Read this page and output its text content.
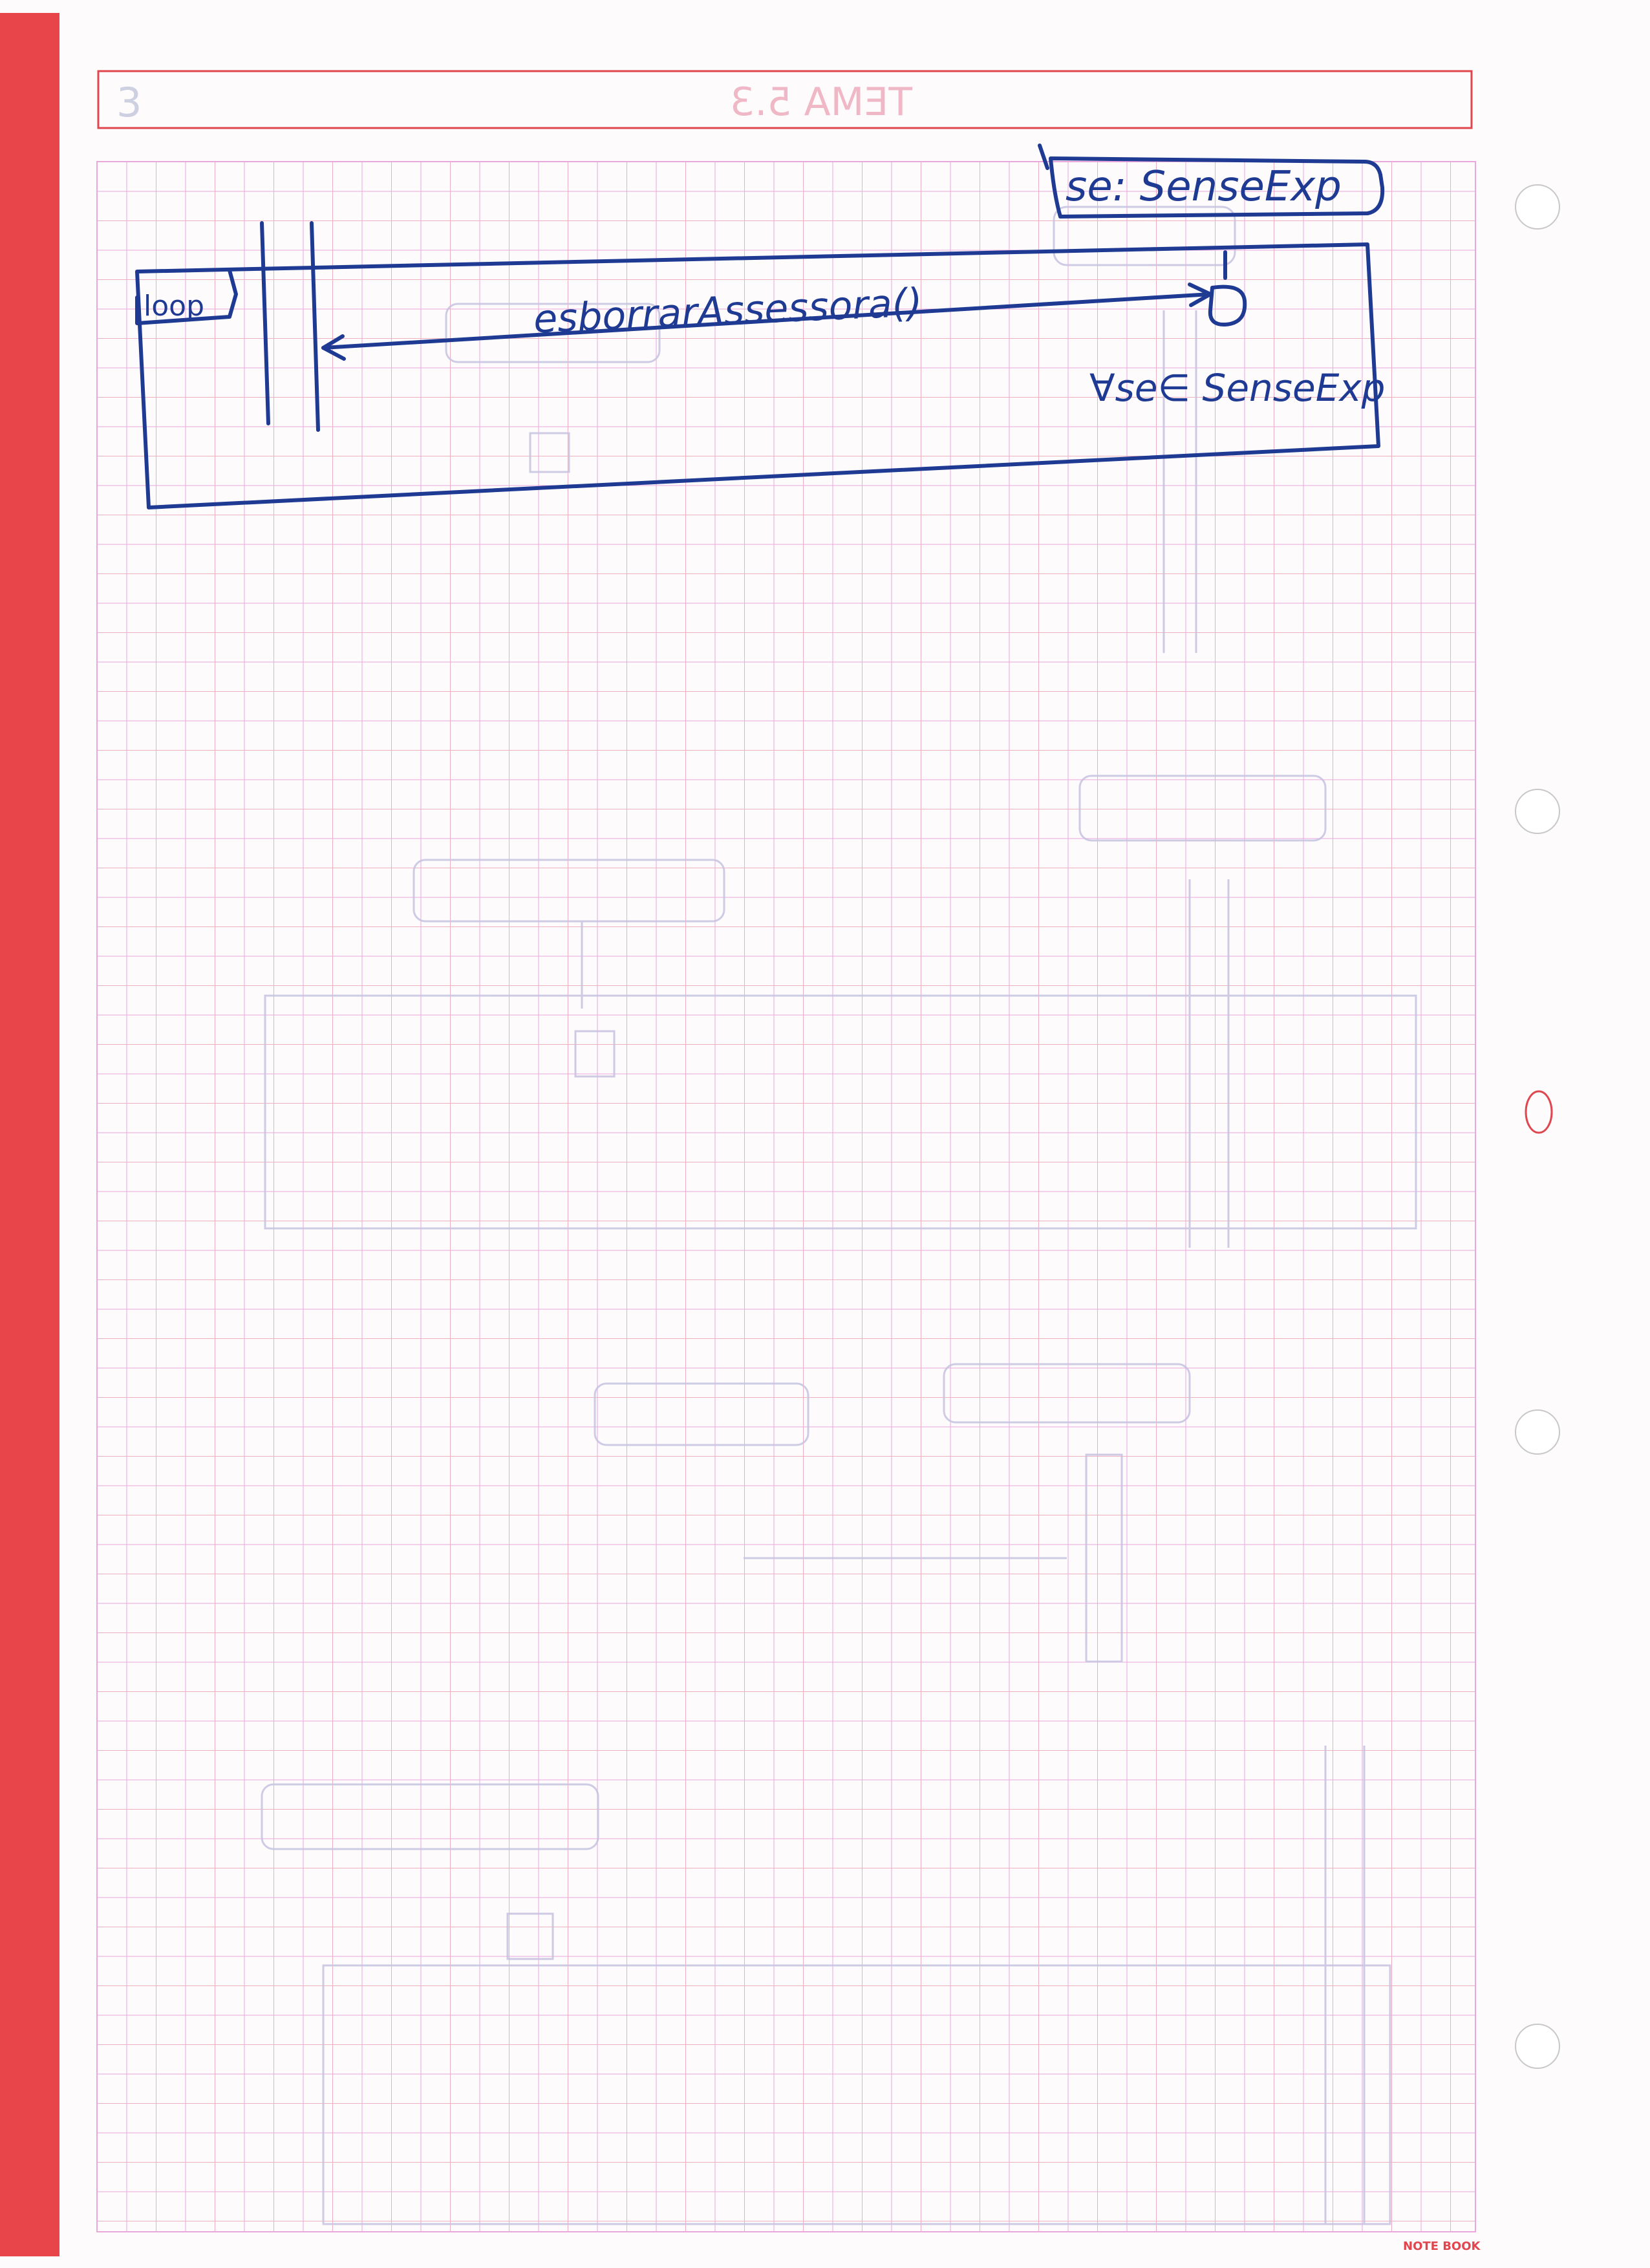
3	TEMA 5.3
se: SenseExp
loop	esborrarAssessora()
∀se∈ SenseExp
NOTE BOOK
